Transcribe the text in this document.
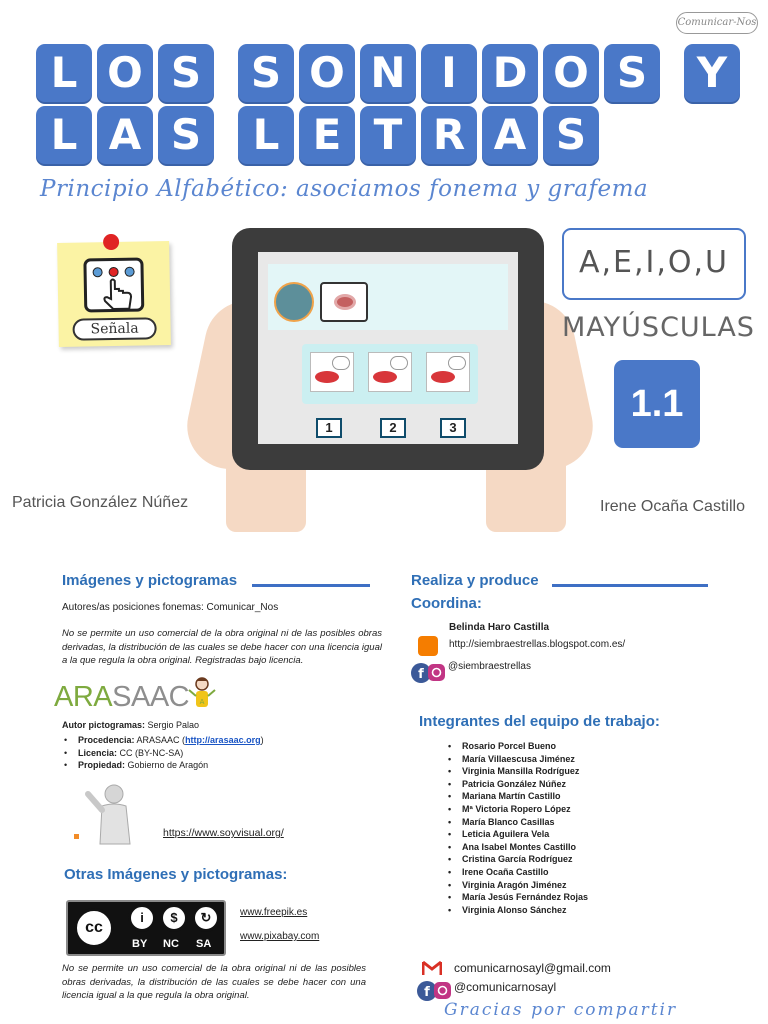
Comunicar-Nos
L O S	S O N I D O S	Y
L A S	L E T R A S
Principio Alfabético: asociamos fonema y grafema
Señala
1	2	3
A,E,I,O,U
MAYÚSCULAS
1.1
Patricia González Núñez	Irene Ocaña Castillo
Imágenes y pictogramas
Autores/as posiciones fonemas: Comunicar_Nos
No se permite un uso comercial de la obra original ni de las posibles obras derivadas, la distribución de las cuales se debe hacer con una licencia igual a la que regula la obra original. Registradas bajo licencia.
ARASAAC A
Autor pictogramas: Sergio Palao
• Procedencia: ARASAAC (http://arasaac.org)
• Licencia: CC (BY-NC-SA)
• Propiedad: Gobierno de Aragón
https://www.soyvisual.org/
Otras Imágenes y pictogramas:
cc
i	$	↻
BY NC SA
www.freepik.es
www.pixabay.com
No se permite un uso comercial de la obra original ni de las posibles obras derivadas, la distribución de las cuales se debe hacer con una licencia igual a la que regula la obra original.
Realiza y produce
Coordina:
Belinda Haro Castilla
http://siembraestrellas.blogspot.com.es/
f
@siembraestrellas
Integrantes del equipo de trabajo:
• Rosario Porcel Bueno
• María Villaescusa Jiménez
• Virginia Mansilla Rodríguez
• Patricia González Núñez
• Mariana Martín Castillo
• Mª Victoria Ropero López
• María Blanco Casillas
• Leticia Aguilera Vela
• Ana Isabel Montes Castillo
• Cristina García Rodríguez
• Irene Ocaña Castillo
• Virginia Aragón Jiménez
• María Jesús Fernández Rojas
• Virginia Alonso Sánchez
comunicarnosayl@gmail.com
f @comunicarnosayl
Gracias por compartir
